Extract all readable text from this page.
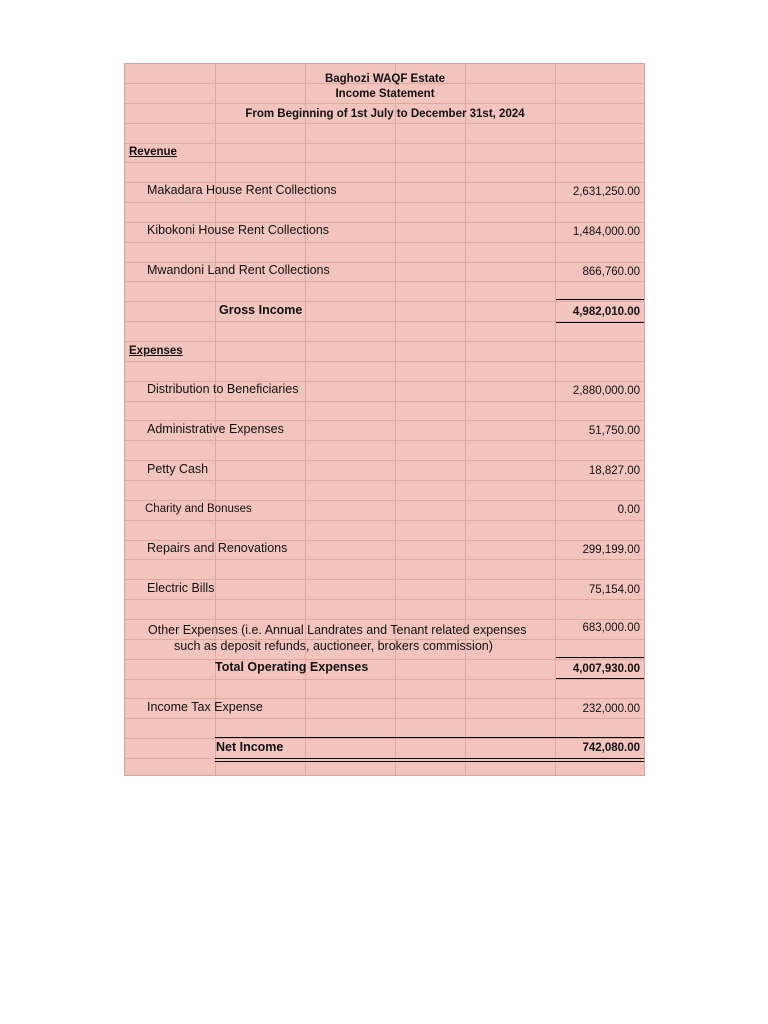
Baghozi WAQF Estate
Income Statement
From Beginning of 1st July to December 31st, 2024
Revenue
Makadara House Rent Collections	2,631,250.00
Kibokoni House Rent Collections	1,484,000.00
Mwandoni Land Rent Collections	866,760.00
Gross Income	4,982,010.00
Expenses
Distribution to Beneficiaries	2,880,000.00
Administrative Expenses	51,750.00
Petty Cash	18,827.00
Charity and Bonuses	0.00
Repairs and Renovations	299,199.00
Electric Bills	75,154.00
Other Expenses (i.e. Annual Landrates and Tenant related expenses
such as deposit refunds, auctioneer, brokers commission)
683,000.00
Total Operating Expenses	4,007,930.00
Income Tax Expense	232,000.00
Net Income	742,080.00
